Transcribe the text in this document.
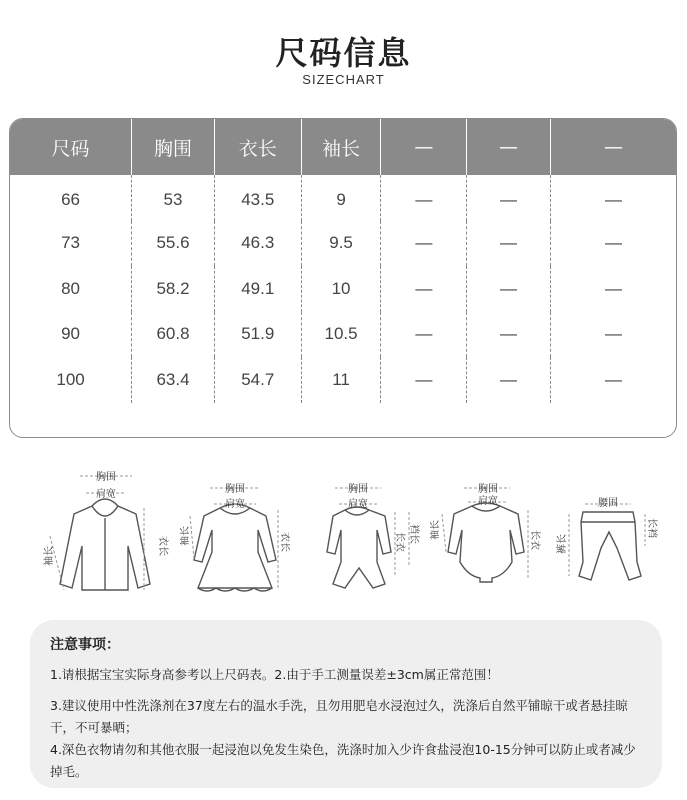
尺码信息
SIZECHART
尺码	胸围	衣长	袖长	—	—	—
66	53	43.5	9	—	—	—
73	55.6	46.3	9.5	—	—	—
80	58.2	49.1	10	—	—	—
90	60.8	51.9	10.5	—	—	—
100	63.4	54.7	11	—	—	—
胸围
肩宽
袖长	衣长
胸围
肩宽
袖长	衣长
胸围
肩宽
长衣 裆长
胸围
肩宽
袖长	长衣
腰围
裤长
长裆
注意事项：

1.请根据宝宝实际身高参考以上尺码表。2.由于手工测量误差±3cm属正常范围！

3.建议使用中性洗涤剂在37度左右的温水手洗，且勿用肥皂水浸泡过久，洗涤后自然平铺晾干或者悬挂晾干，不可暴晒；

4.深色衣物请勿和其他衣服一起浸泡以免发生染色，洗涤时加入少许食盐浸泡10-15分钟可以防止或者减少掉毛。
